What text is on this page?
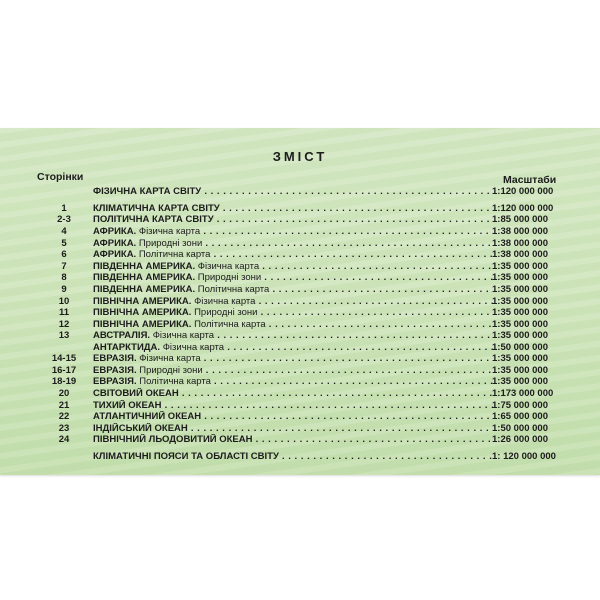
ЗМІСТ
Сторінки	Масштаби
ФІЗИЧНА КАРТА СВІТУ . . .	1:120 000 000
1	КЛІМАТИЧНА КАРТА СВІТУ . . .	1:120 000 000
2-3	ПОЛІТИЧНА КАРТА СВІТУ . . .	1:85 000 000
4	АФРИКА. Фізична карта . . .	1:38 000 000
5	АФРИКА. Природні зони . . .	1:38 000 000
6	АФРИКА. Політична карта . . .	1:38 000 000
7	ПІВДЕННА АМЕРИКА. Фізична карта . . .	1:35 000 000
8	ПІВДЕННА АМЕРИКА. Природні зони . . .	1:35 000 000
9	ПІВДЕННА АМЕРИКА. Політична карта . . .	1:35 000 000
10	ПІВНІЧНА АМЕРИКА. Фізична карта . . .	1:35 000 000
11	ПІВНІЧНА АМЕРИКА. Природні зони . . .	1:35 000 000
12	ПІВНІЧНА АМЕРИКА. Політична карта . . .	1:35 000 000
13	АВСТРАЛІЯ. Фізична карта . . .	1:35 000 000
АНТАРКТИДА. Фізична карта . . .	1:50 000 000
14-15	ЕВРАЗІЯ. Фізична карта . . .	1:35 000 000
16-17	ЕВРАЗІЯ. Природні зони . . .	1:35 000 000
18-19	ЕВРАЗІЯ. Політична карта . . .	1:35 000 000
20	СВІТОВИЙ ОКЕАН . . .	1:173 000 000
21	ТИХИЙ ОКЕАН . . .	1:75 000 000
22	АТЛАНТИЧНИЙ ОКЕАН . . .	1:65 000 000
23	ІНДІЙСЬКИЙ ОКЕАН . . .	1:50 000 000
24	ПІВНІЧНИЙ ЛЬОДОВИТИЙ ОКЕАН . . .	1:26 000 000
КЛІМАТИЧНІ ПОЯСИ ТА ОБЛАСТІ СВІТУ . . .	1: 120 000 000
